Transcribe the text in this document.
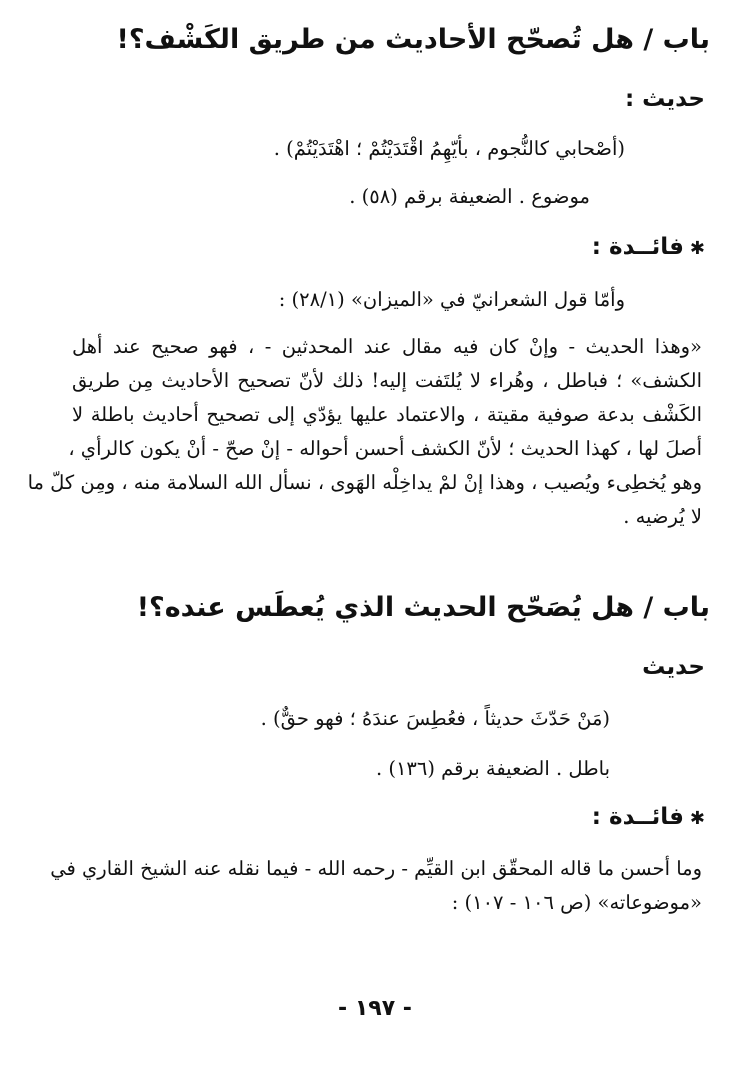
باب / هل تُصحّح الأحاديث من طريق الكَشْف؟!
حديث :
(أصْحابي كالنُّجوم ، بأيّهِمُ اقْتَدَيْتُمْ ؛ اهْتَدَيْتُمْ) .
موضوع . الضعيفة برقم (٥٨) .
✱فائــدة :
وأمّا قول الشعرانيّ في «الميزان» (٢٨/١) :
«وهذا الحديث - وإنْ كان فيه مقال عند المحدثين - ، فهو صحيح عند أهل
الكشف» ؛ فباطل ، وهُراء لا يُلتَفت إليه! ذلك لأنّ تصحيح الأحاديث مِن طريق
الكَشْف بدعة صوفية مقيتة ، والاعتماد عليها يؤدّي إلى تصحيح أحاديث باطلة لا
أصلَ لها ، كهذا الحديث ؛ لأنّ الكشف أحسن أحواله - إنْ صحّ - أنْ يكون كالرأي ،
وهو يُخطِىء ويُصيب ، وهذا إنْ لمْ يداخِلْه الهَوى ، نسأل الله السلامة منه ، ومِن كلّ ما
لا يُرضيه .
باب / هل يُصَحّح الحديث الذي يُعطَس عنده؟!
حديث
(مَنْ حَدّثَ حديثاً ، فعُطِسَ عندَهُ ؛ فهو حقٌّ) .
باطل . الضعيفة برقم (١٣٦) .
✱فائــدة :
وما أحسن ما قاله المحقّق ابن القيِّم - رحمه الله - فيما نقله عنه الشيخ القاري في
«موضوعاته» (ص ١٠٦ - ١٠٧) :
- ١٩٧ -
